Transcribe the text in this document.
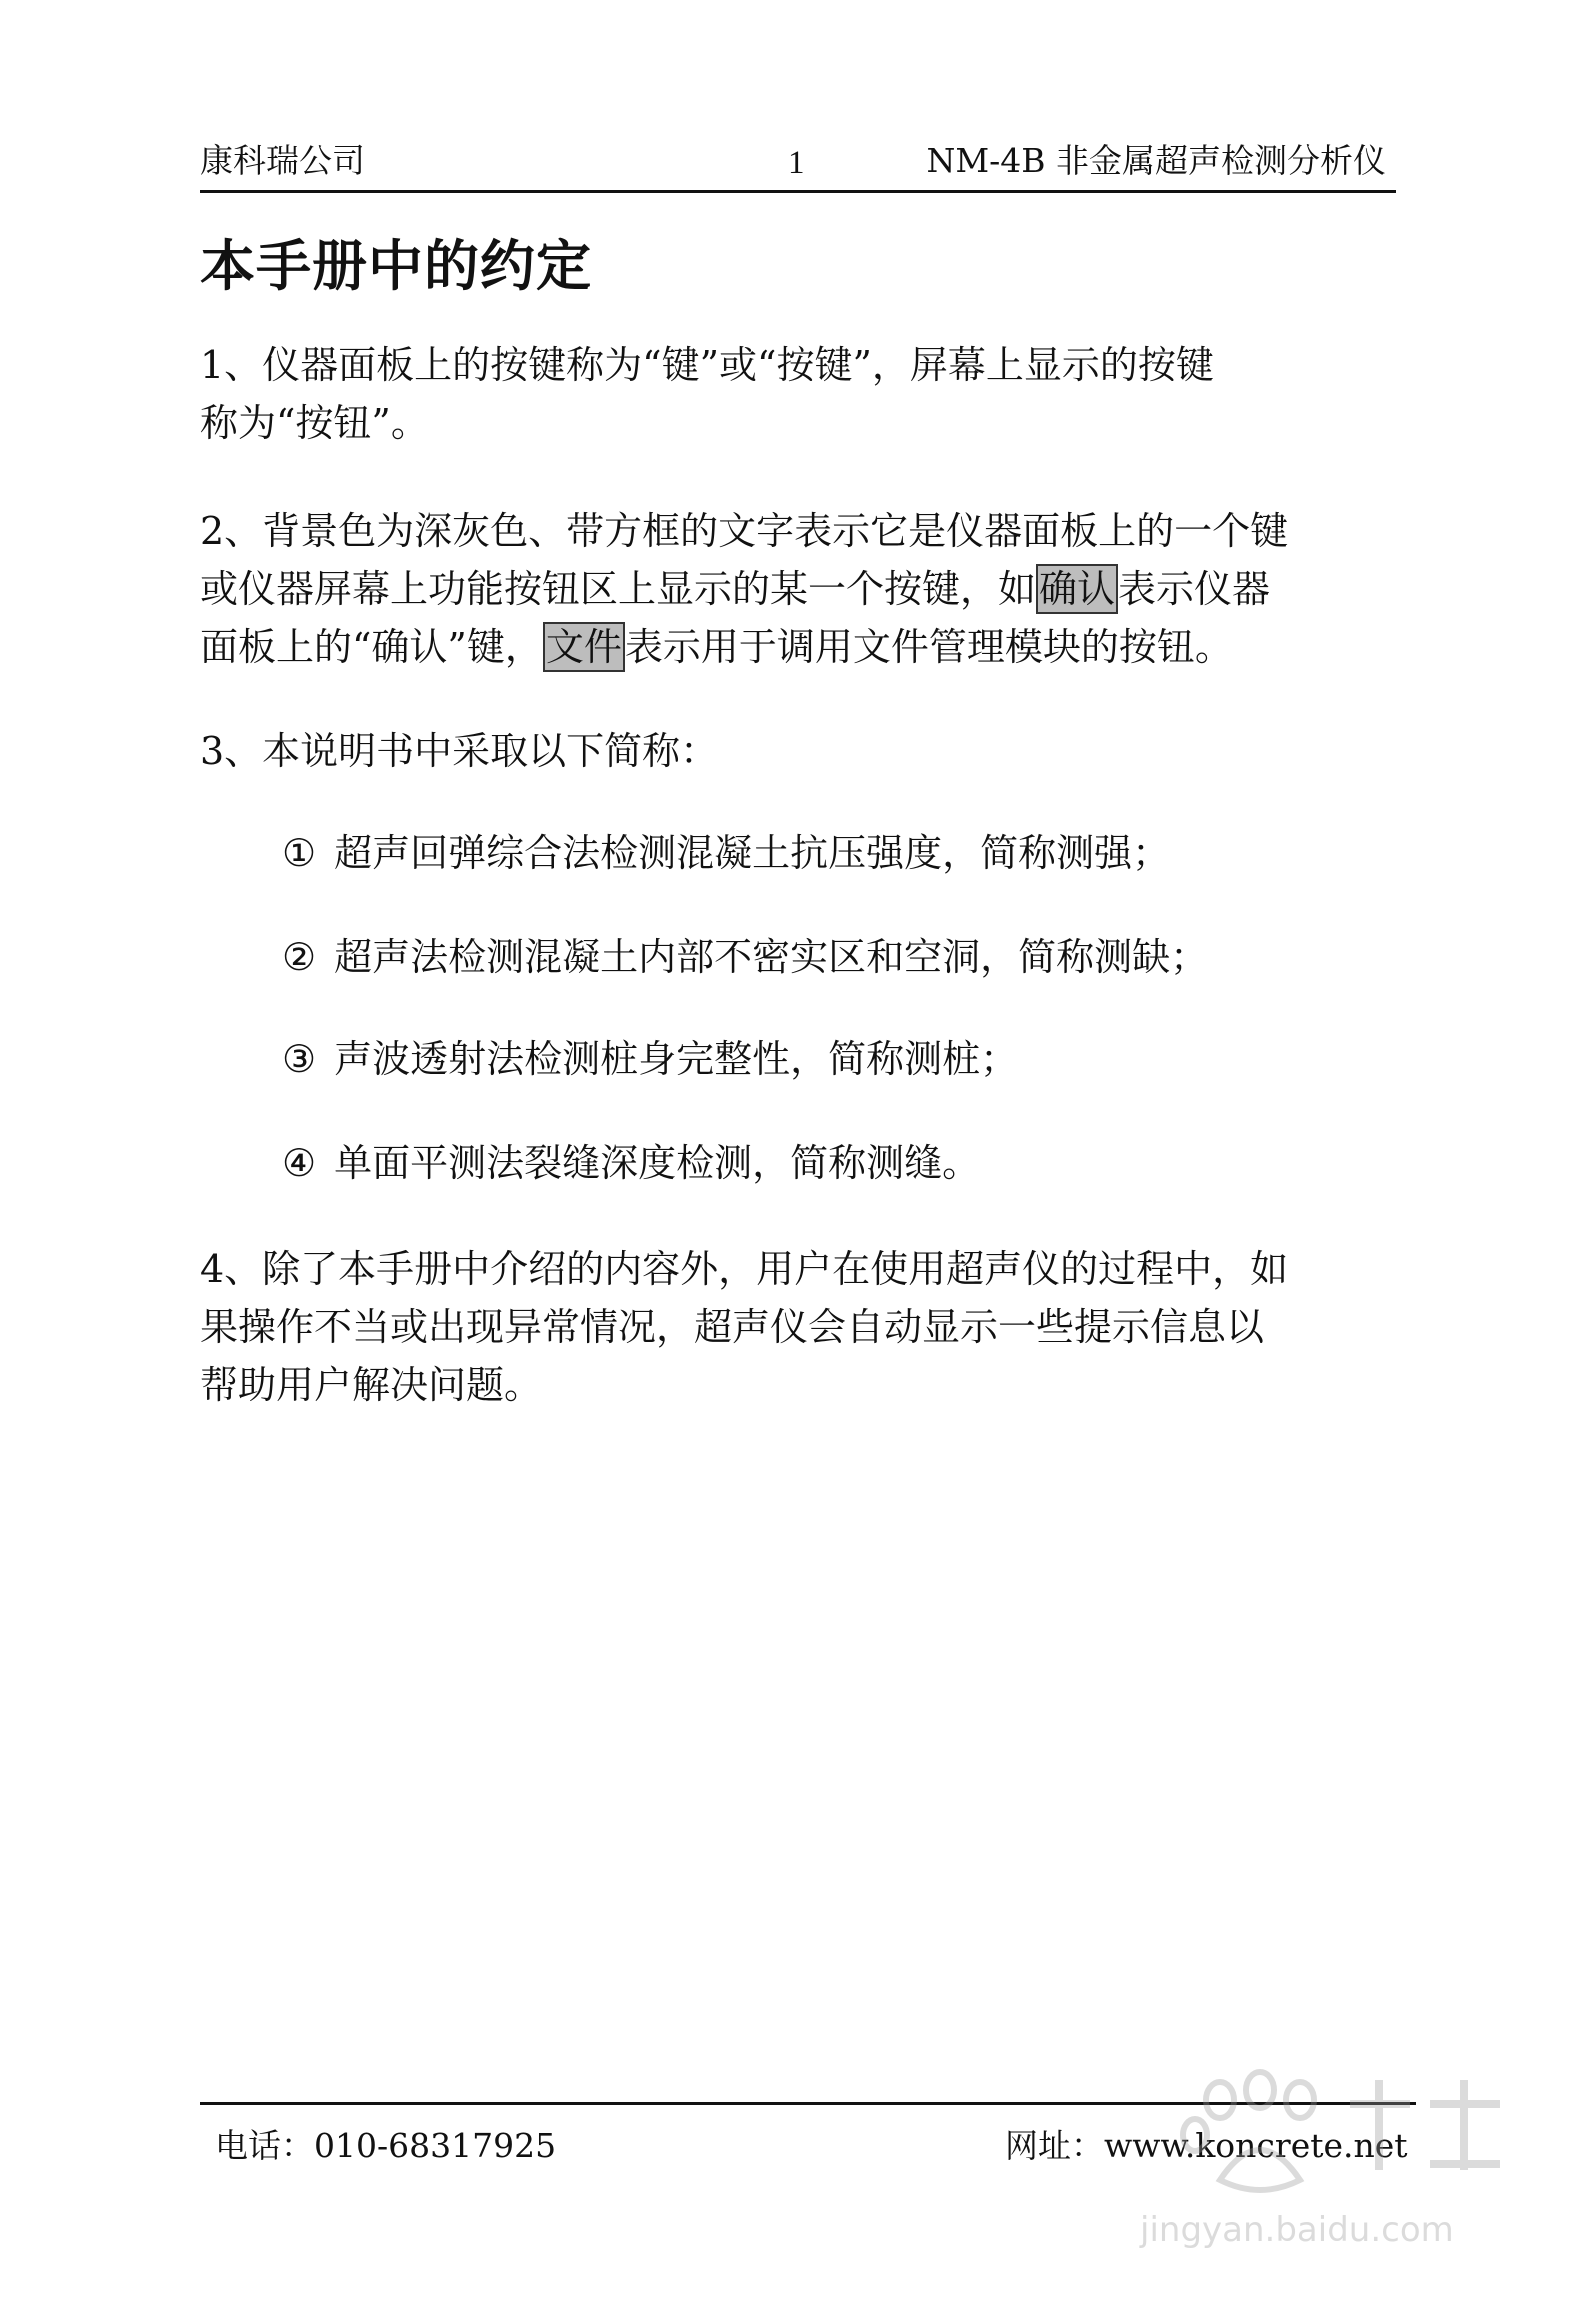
康科瑞公司	1	NM-4B 非金属超声检测分析仪
本手册中的约定
1、仪器面板上的按键称为“键”或“按键”，屏幕上显示的按键
称为“按钮”。
2、背景色为深灰色、带方框的文字表示它是仪器面板上的一个键
或仪器屏幕上功能按钮区上显示的某一个按键，如确认表示仪器
面板上的“确认”键，文件表示用于调用文件管理模块的按钮。
3、本说明书中采取以下简称：
① 超声回弹综合法检测混凝土抗压强度，简称测强；
② 超声法检测混凝土内部不密实区和空洞，简称测缺；
③ 声波透射法检测桩身完整性，简称测桩；
④ 单面平测法裂缝深度检测，简称测缝。
4、除了本手册中介绍的内容外，用户在使用超声仪的过程中，如
果操作不当或出现异常情况，超声仪会自动显示一些提示信息以
帮助用户解决问题。
电话：010-68317925	网址：www.koncrete.net
jingyan.baidu.com
